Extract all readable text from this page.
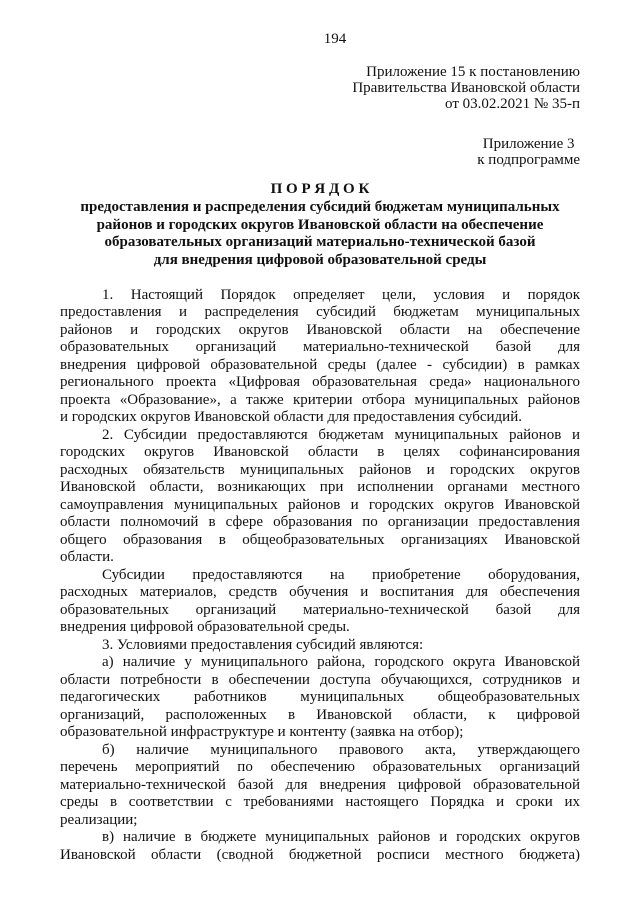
194
Приложение 15 к постановлению
Правительства Ивановской области
от 03.02.2021 № 35-п
Приложение 3
к подпрограмме
П О Р Я Д О К
предоставления и распределения субсидий бюджетам муниципальных
районов и городских округов Ивановской области на обеспечение
образовательных организаций материально-технической базой
для внедрения цифровой образовательной среды
1. Настоящий Порядок определяет цели, условия и порядок
предоставления и распределения субсидий бюджетам муниципальных
районов и городских округов Ивановской области на обеспечение
образовательных организаций материально-технической базой для
внедрения цифровой образовательной среды (далее - субсидии) в рамках
регионального проекта «Цифровая образовательная среда» национального
проекта «Образование», а также критерии отбора муниципальных районов
и городских округов Ивановской области для предоставления субсидий.
2. Субсидии предоставляются бюджетам муниципальных районов и
городских округов Ивановской области в целях софинансирования
расходных обязательств муниципальных районов и городских округов
Ивановской области, возникающих при исполнении органами местного
самоуправления муниципальных районов и городских округов Ивановской
области полномочий в сфере образования по организации предоставления
общего образования в общеобразовательных организациях Ивановской
области.
Субсидии предоставляются на приобретение оборудования,
расходных материалов, средств обучения и воспитания для обеспечения
образовательных организаций материально-технической базой для
внедрения цифровой образовательной среды.
3. Условиями предоставления субсидий являются:
а) наличие у муниципального района, городского округа Ивановской
области потребности в обеспечении доступа обучающихся, сотрудников и
педагогических работников муниципальных общеобразовательных
организаций, расположенных в Ивановской области, к цифровой
образовательной инфраструктуре и контенту (заявка на отбор);
б) наличие муниципального правового акта, утверждающего
перечень мероприятий по обеспечению образовательных организаций
материально-технической базой для внедрения цифровой образовательной
среды в соответствии с требованиями настоящего Порядка и сроки их
реализации;
в) наличие в бюджете муниципальных районов и городских округов
Ивановской области (сводной бюджетной росписи местного бюджета)
